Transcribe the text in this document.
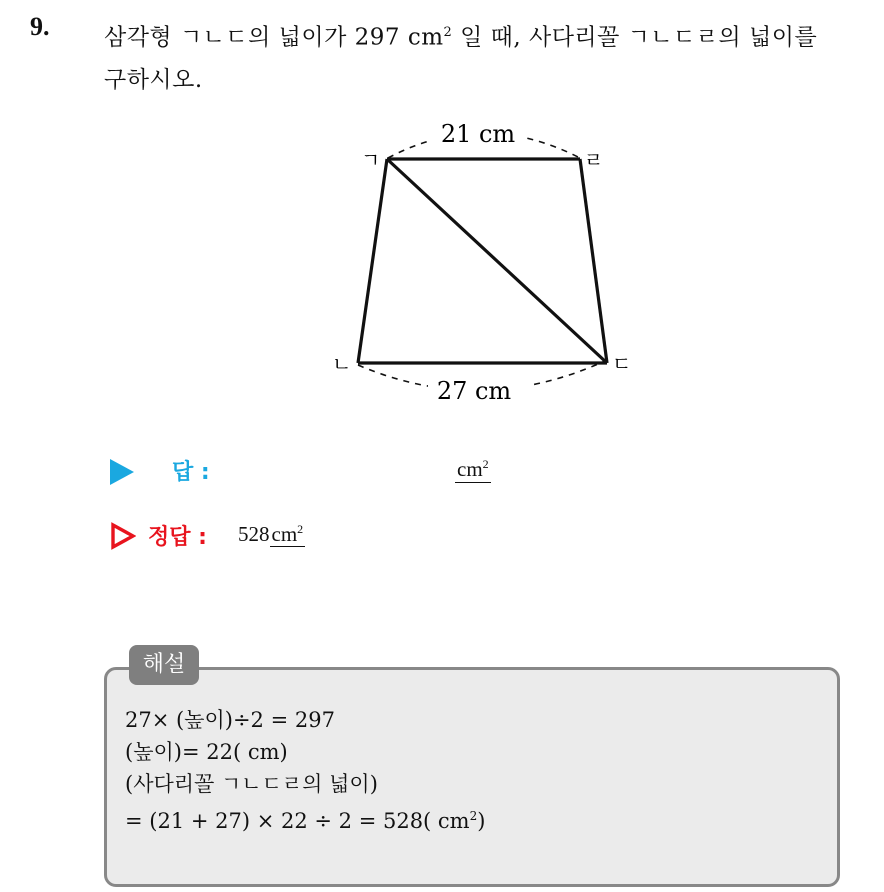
9. 삼각형 ㄱㄴㄷ의 넓이가 297 $cm^2$ 일 때, 사다리꼴 ㄱㄴㄷㄹ의 넓이를
구하시오.
21 cm
27 cm
ㄱ	ㄹ
ㄴ	ㄷ
답 :	$cm^2$
정답 : $528cm^2$
해설
27× (높이)÷2 = 297
(높이)= 22( cm)
(사다리꼴 ㄱㄴㄷㄹ의 넓이)
= (21 + 27) × 22 ÷ 2 = 528( $cm^2$)
